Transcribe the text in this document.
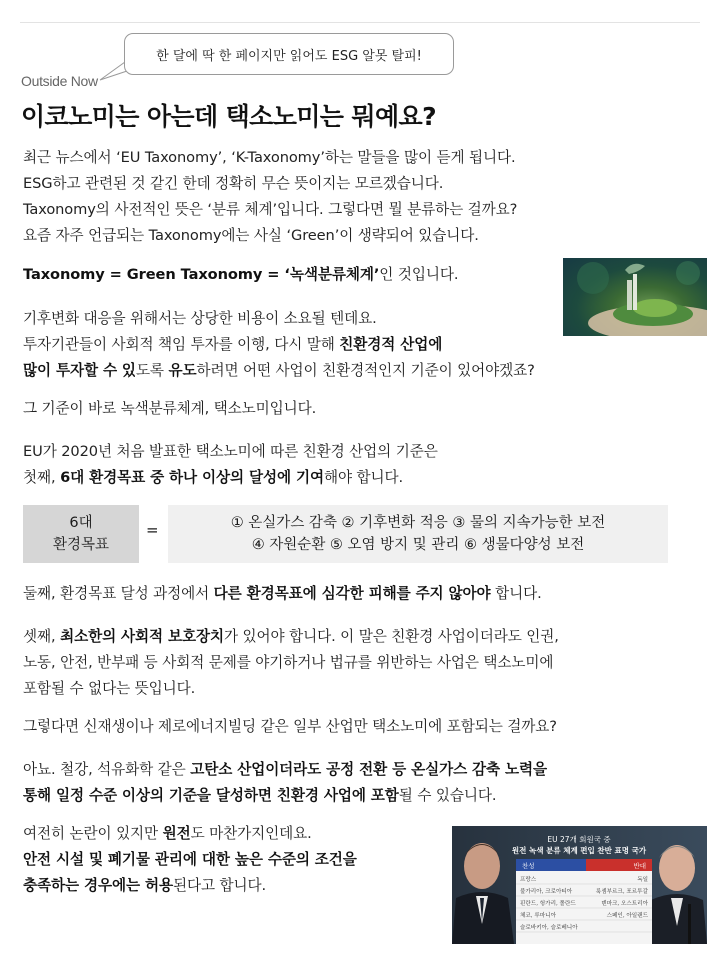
한 달에 딱 한 페이지만 읽어도 ESG 알못 탈피!
Outside Now
이코노미는 아는데 택소노미는 뭐예요?
최근 뉴스에서 ‘EU Taxonomy’, ‘K-Taxonomy’하는 말들을 많이 듣게 됩니다.
ESG하고 관련된 것 같긴 한데 정확히 무슨 뜻이지는 모르겠습니다.
Taxonomy의 사전적인 뜻은 ‘분류 체계’입니다. 그렇다면 뭘 분류하는 걸까요?
요즘 자주 언급되는 Taxonomy에는 사실 ‘Green’이 생략되어 있습니다.
Taxonomy = Green Taxonomy = ‘녹색분류체계’인 것입니다.
기후변화 대응을 위해서는 상당한 비용이 소요될 텐데요.
투자기관들이 사회적 책임 투자를 이행, 다시 말해 친환경적 산업에
많이 투자할 수 있도록 유도하려면 어떤 사업이 친환경적인지 기준이 있어야겠죠?
그 기준이 바로 녹색분류체계, 택소노미입니다.
EU가 2020년 처음 발표한 택소노미에 따른 친환경 산업의 기준은
첫째, 6대 환경목표 중 하나 이상의 달성에 기여해야 합니다.
6대
환경목표
=	① 온실가스 감축 ② 기후변화 적응 ③ 물의 지속가능한 보전
④ 자원순환 ⑤ 오염 방지 및 관리 ⑥ 생물다양성 보전
둘째, 환경목표 달성 과정에서 다른 환경목표에 심각한 피해를 주지 않아야 합니다.
셋째, 최소한의 사회적 보호장치가 있어야 합니다. 이 말은 친환경 사업이더라도 인권,
노동, 안전, 반부패 등 사회적 문제를 야기하거나 법규를 위반하는 사업은 택소노미에
포함될 수 없다는 뜻입니다.
그렇다면 신재생이나 제로에너지빌딩 같은 일부 산업만 택소노미에 포함되는 걸까요?
아뇨. 철강, 석유화학 같은 고탄소 산업이더라도 공정 전환 등 온실가스 감축 노력을
통해 일정 수준 이상의 기준을 달성하면 친환경 사업에 포함될 수 있습니다.
여전히 논란이 있지만 원전도 마찬가지인데요.
안전 시설 및 폐기물 관리에 대한 높은 수준의 조건을
충족하는 경우에는 허용된다고 합니다.
EU 27개 회원국 중
원전 녹색 분류 체계 편입 찬반 표명 국가
찬성	반대
프랑스
불가리아, 크로아티아
핀란드, 헝가리, 폴란드
체코, 루마니아
슬로바키아, 슬로베니아
독일
룩셈부르크, 포르투갈
덴마크, 오스트리아
스페인, 아일랜드
